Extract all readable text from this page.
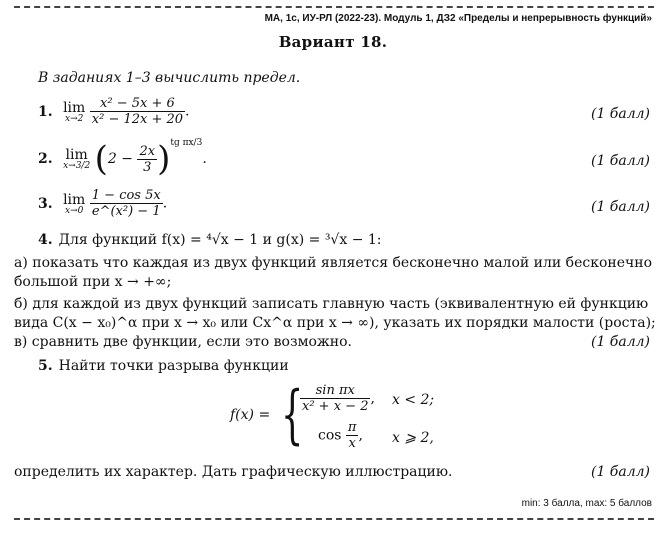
МА, 1с, ИУ-РЛ (2022-23). Модуль 1, ДЗ2 «Пределы и непрерывность функций»
Вариант 18.
В заданиях 1–3 вычислить предел.
1. lim
x→2
$\frac{\text{x² − 5x + 6}}{\text{x² − 12x + 20}}$ .	(1 балл)
2. lim
x→3/2 $(2 - \frac{2x}{3} )^{tg \pi x/3}$.	(1 балл)
3. lim
x→0
$\frac{1 - \cos 5x}{\text{e\textasciicircum{}(x²) − 1}}$ .	(1 балл)
4. Для функций f(x) = ⁴√x − 1 и g(x) = ³√x − 1:
а) показать что каждая из двух функций является бесконечно малой или бесконечно
большой при x → +∞;
б) для каждой из двух функций записать главную часть (эквивалентную ей функцию
вида C(x − x₀)^α при x → x₀ или Cx^α при x → ∞), указать их порядки малости (роста);
в) сравнить две функции, если это возможно.	(1 балл)
5. Найти точки разрыва функции
f(x) = {
$\frac{\text{sin πx}}{\text{x² + x − 2}}$ , x < 2;
$\cos \frac{\pi}{x}$ , x ⩾ 2,
определить их характер. Дать графическую иллюстрацию.	(1 балл)
min: 3 балла, max: 5 баллов
